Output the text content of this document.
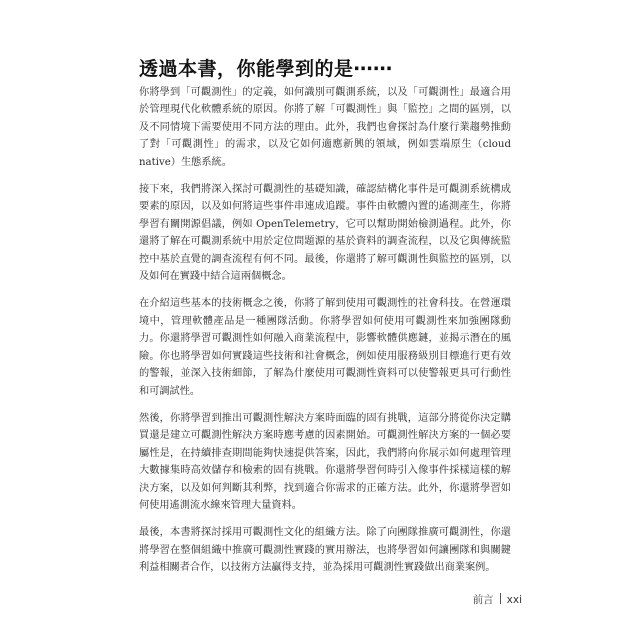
透過本書，你能學到的是⋯⋯

你將學到「可觀測性」的定義，如何識別可觀測系統，以及「可觀測性」最適合用於管理現代化軟體系統的原因。你將了解「可觀測性」與「監控」之間的區別，以及不同情境下需要使用不同方法的理由。此外，我們也會探討為什麼行業趨勢推動了對「可觀測性」的需求，以及它如何適應新興的領域，例如雲端原生（cloud native）生態系統。

接下來，我們將深入探討可觀測性的基礎知識，確認結構化事件是可觀測系統構成要素的原因，以及如何將這些事件串連成追蹤。事件由軟體內置的遙測產生，你將學習有關開源倡議，例如 OpenTelemetry，它可以幫助開始檢測過程。此外，你還將了解在可觀測系統中用於定位問題源的基於資料的調查流程，以及它與傳統監控中基於直覺的調查流程有何不同。最後，你還將了解可觀測性與監控的區別，以及如何在實踐中結合這兩個概念。

在介紹這些基本的技術概念之後，你將了解到使用可觀測性的社會科技。在營運環境中，管理軟體產品是一種團隊活動。你將學習如何使用可觀測性來加強團隊動力。你還將學習可觀測性如何融入商業流程中，影響軟體供應鏈，並揭示潛在的風險。你也將學習如何實踐這些技術和社會概念，例如使用服務級別目標進行更有效的警報，並深入技術細節，了解為什麼使用可觀測性資料可以使警報更具可行動性和可調試性。

然後，你將學習到推出可觀測性解決方案時面臨的固有挑戰，這部分將從你決定購買還是建立可觀測性解決方案時應考慮的因素開始。可觀測性解決方案的一個必要屬性是，在持續排查期間能夠快速提供答案，因此，我們將向你展示如何處理管理大數據集時高效儲存和檢索的固有挑戰。你還將學習何時引入像事件採樣這樣的解決方案，以及如何判斷其利弊，找到適合你需求的正確方法。此外，你還將學習如何使用遙測流水線來管理大量資料。

最後，本書將探討採用可觀測性文化的組織方法。除了向團隊推廣可觀測性，你還將學習在整個組織中推廣可觀測性實踐的實用辦法，也將學習如何讓團隊和與關鍵利益相關者合作，以技術方法贏得支持，並為採用可觀測性實踐做出商業案例。

前言 xxi
